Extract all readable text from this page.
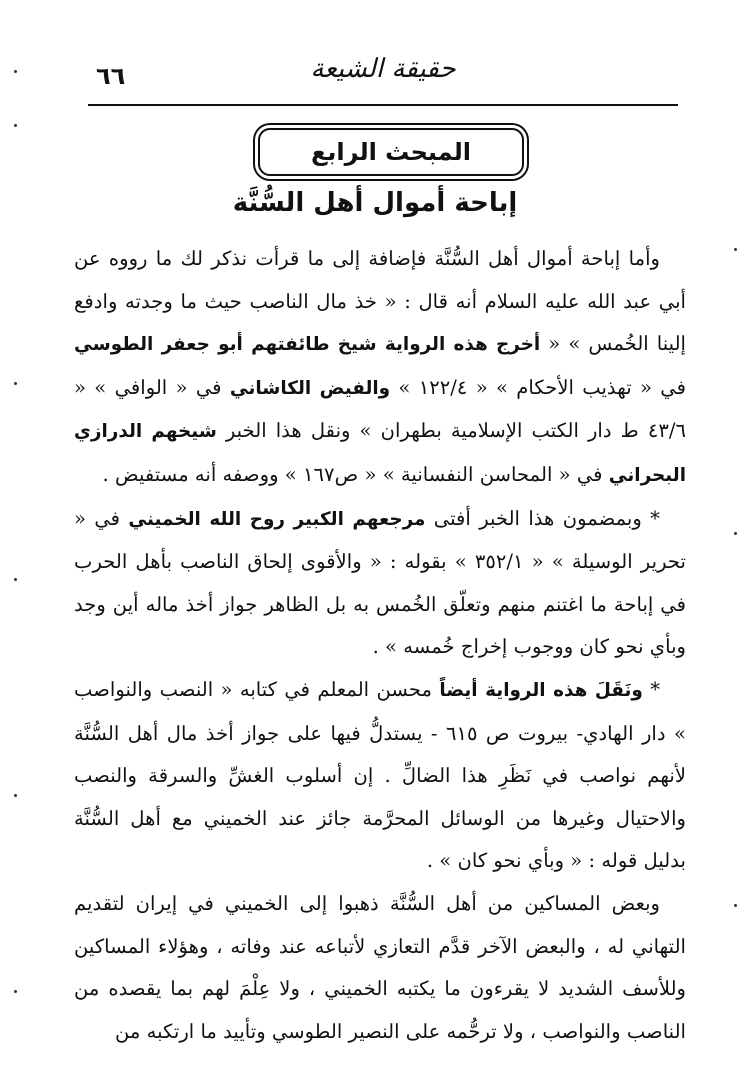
٦٦	حقيقة الشيعة
المبحث الرابع
إباحة أموال أهل السُّنَّة

وأما إباحة أموال أهل السُّنَّة فإضافة إلى ما قرأت نذكر لك ما رووه عن أبي عبد الله عليه السلام أنه قال : « خذ مال الناصب حيث ما وجدته وادفع إلينا الخُمس » « أخرج هذه الرواية شيخ طائفتهم أبو جعفر الطوسي في « تهذيب الأحكام » « ١٢٢/٤ » والفيض الكاشاني في « الوافي » « ٤٣/٦ ط دار الكتب الإسلامية بطهران » ونقل هذا الخبر شيخهم الدرازي البحراني في « المحاسن النفسانية » « ص١٦٧ » ووصفه أنه مستفيض .

* وبمضمون هذا الخبر أفتى مرجعهم الكبير روح الله الخميني في « تحرير الوسيلة » « ٣٥٢/١ » بقوله : « والأقوى إلحاق الناصب بأهل الحرب في إباحة ما اغتنم منهم وتعلّق الخُمس به بل الظاهر جواز أخذ ماله أين وجد وبأي نحو كان ووجوب إخراج خُمسه » .

* ونَقَلَ هذه الرواية أيضاً محسن المعلم في كتابه « النصب والنواصب » دار الهادي- بيروت ص ٦١٥ - يستدلُّ فيها على جواز أخذ مال أهل السُّنَّة لأنهم نواصب في نَظَرِ هذا الضالِّ . إن أسلوب الغشِّ والسرقة والنصب والاحتيال وغيرها من الوسائل المحرَّمة جائز عند الخميني مع أهل السُّنَّة بدليل قوله : « وبأي نحو كان » .

وبعض المساكين من أهل السُّنَّة ذهبوا إلى الخميني في إيران لتقديم التهاني له ، والبعض الآخر قدَّم التعازي لأتباعه عند وفاته ، وهؤلاء المساكين وللأسف الشديد لا يقرءون ما يكتبه الخميني ، ولا عِلْمَ لهم بما يقصده من الناصب والنواصب ، ولا ترحُّمه على النصير الطوسي وتأييد ما ارتكبه من
